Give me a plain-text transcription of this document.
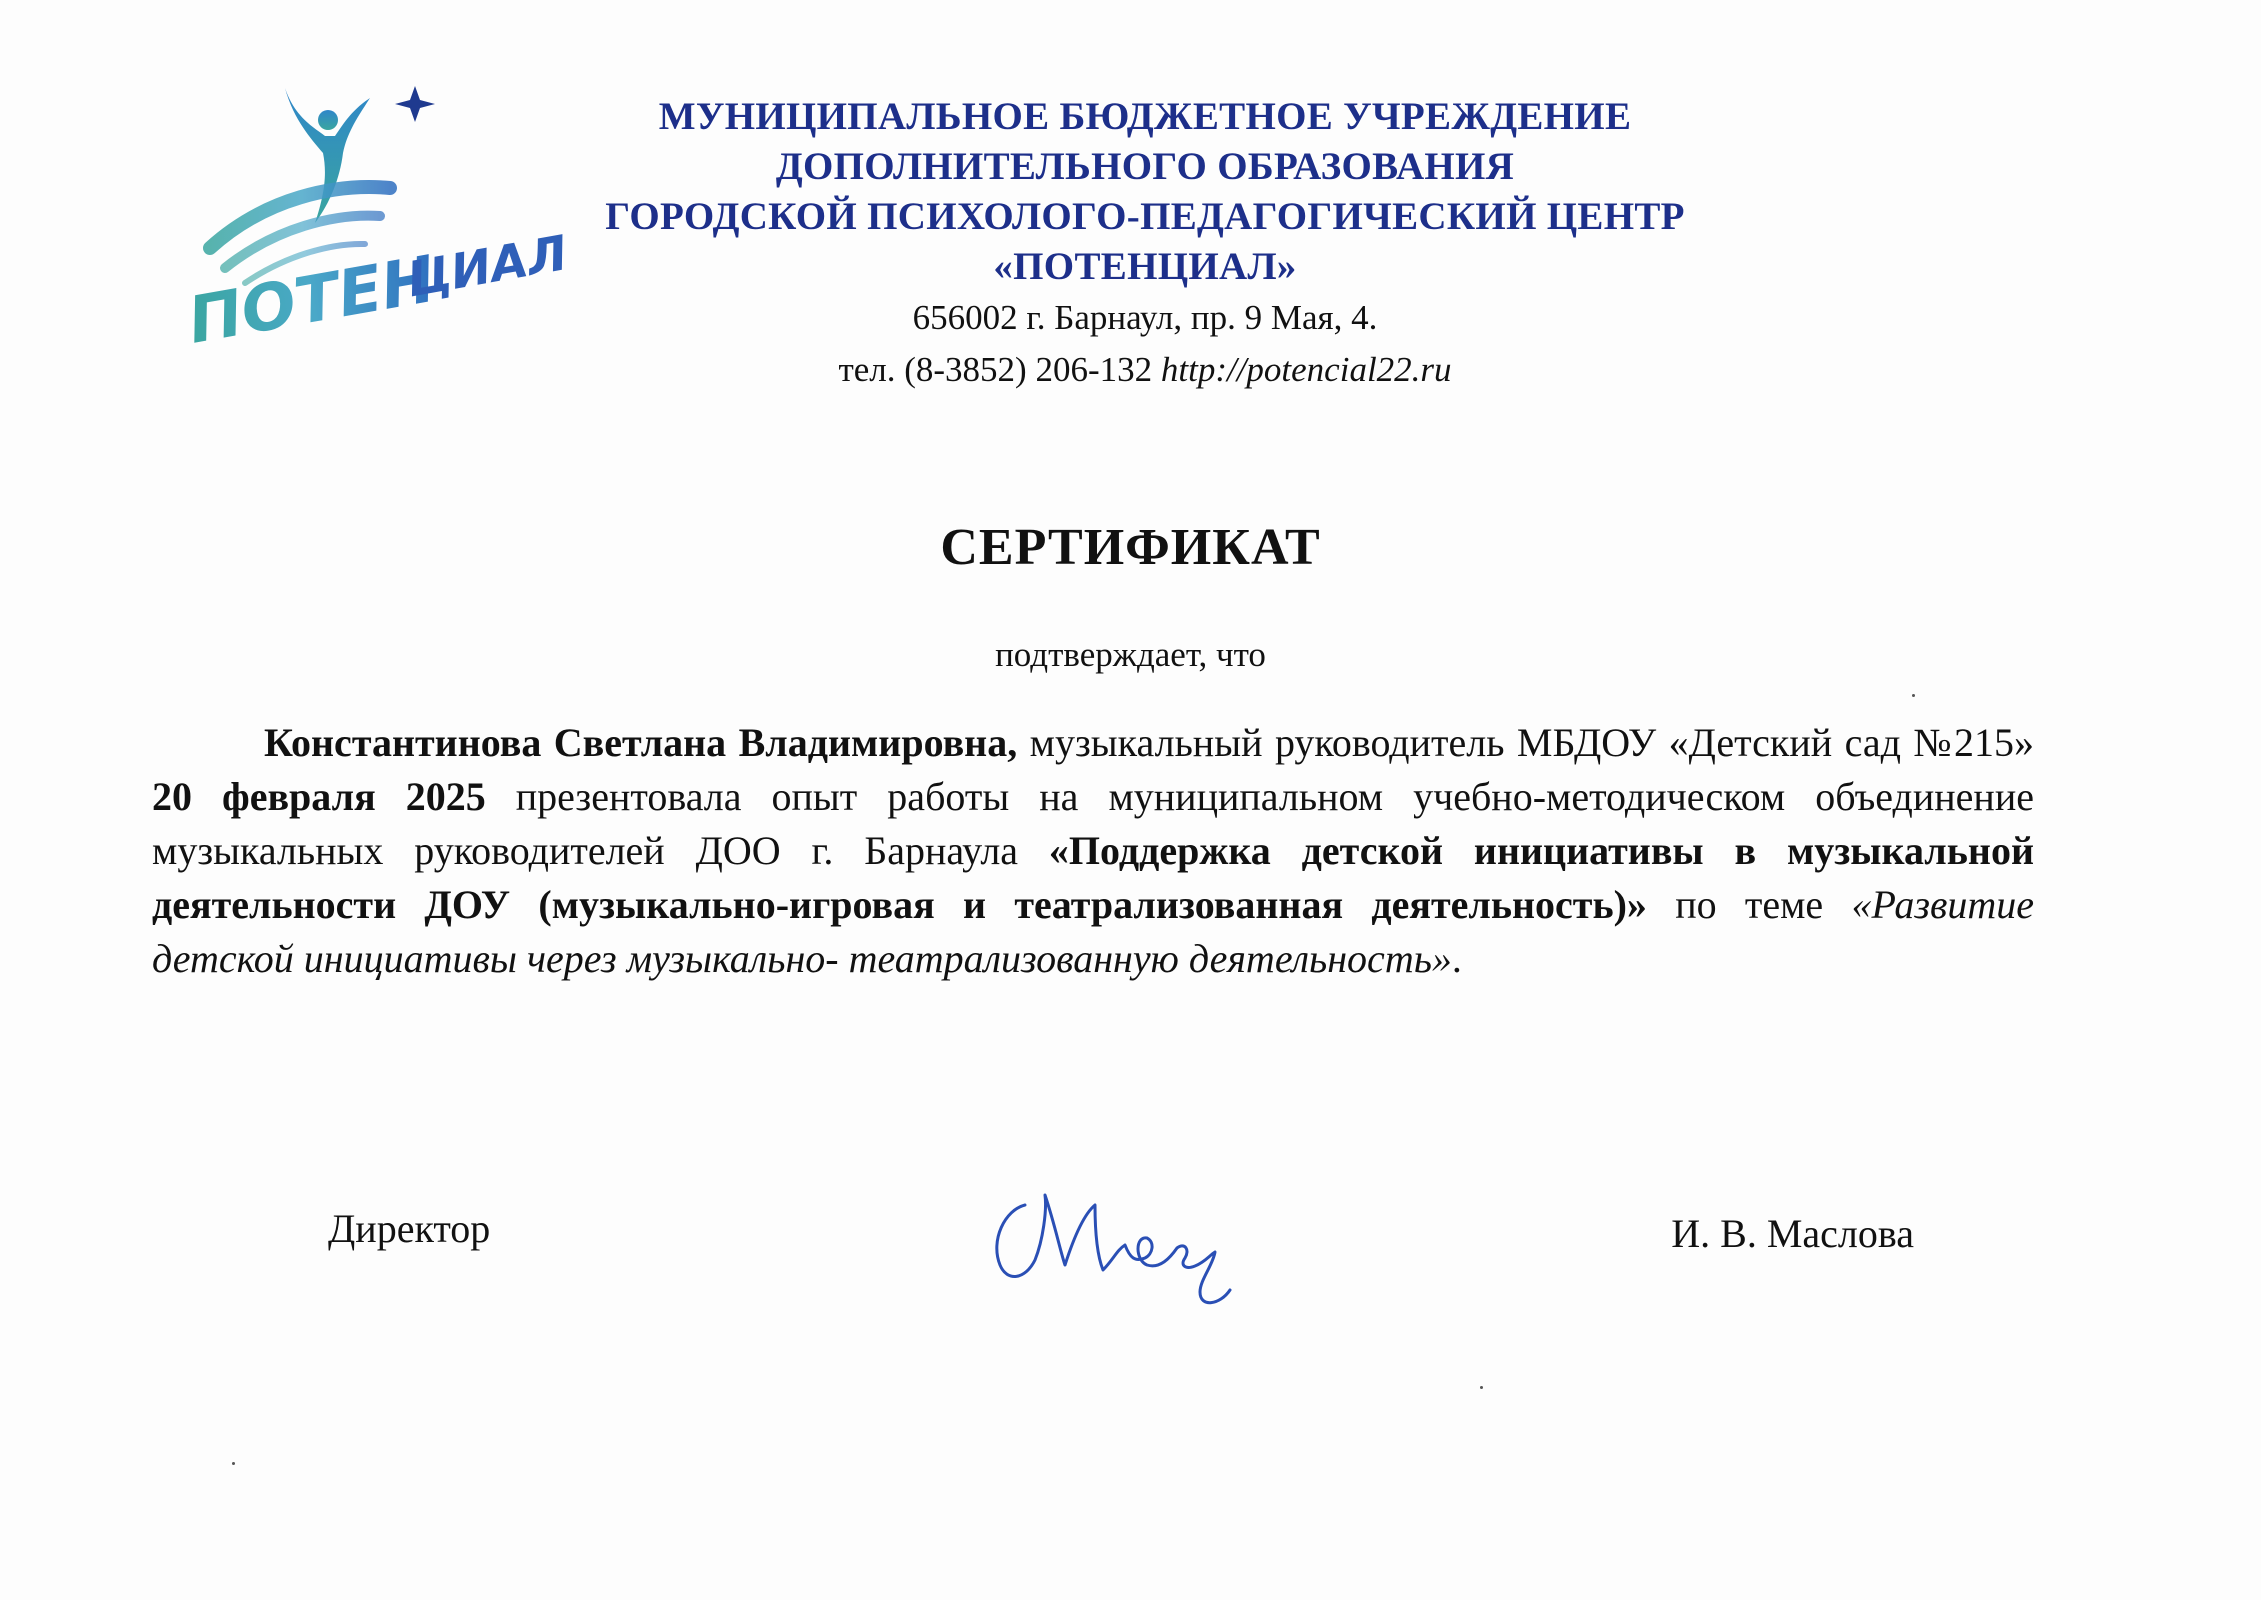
ПОТЕН
ЦИАЛ
МУНИЦИПАЛЬНОЕ БЮДЖЕТНОЕ УЧРЕЖДЕНИЕ
ДОПОЛНИТЕЛЬНОГО ОБРАЗОВАНИЯ
ГОРОДСКОЙ ПСИХОЛОГО-ПЕДАГОГИЧЕСКИЙ ЦЕНТР
«ПОТЕНЦИАЛ»
656002 г. Барнаул, пр. 9 Мая, 4.
тел. (8-3852) 206-132 http://potencial22.ru
СЕРТИФИКАТ
подтверждает, что
Константинова Светлана Владимировна, музыкальный руководитель МБДОУ «Детский сад №215» 20 февраля 2025 презентовала опыт работы на муниципальном учебно-методическом объединение музыкальных руководителей ДОО г. Барнаула «Поддержка детской инициативы в музыкальной деятельности ДОУ (музыкально-игровая и театрализованная деятельность)» по теме «Развитие детской инициативы через музыкально- театрализованную деятельность».
Директор	И. В. Маслова
